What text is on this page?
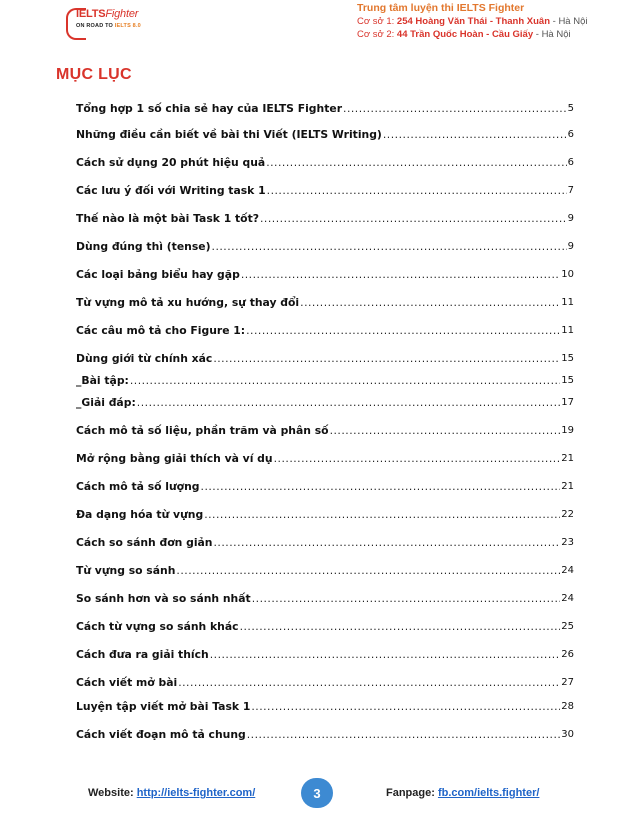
IELTSFighter
ON ROAD TO IELTS 8.0
Trung tâm luyện thi IELTS Fighter
Cơ sở 1: 254 Hoàng Văn Thái - Thanh Xuân - Hà Nội
Cơ sở 2: 44 Trần Quốc Hoàn - Cầu Giấy - Hà Nội
MỤC LỤC
Tổng hợp 1 số chia sẻ hay của IELTS Fighter .....	5
Những điều cần biết về bài thi Viết (IELTS Writing) .....	6
Cách sử dụng 20 phút hiệu quả .....	6
Các lưu ý đối với Writing task 1 .....	7
Thế nào là một bài Task 1 tốt? .....	9
Dùng đúng thì (tense) .....	9
Các loại bảng biểu hay gặp .....	10
Từ vựng mô tả xu hướng, sự thay đổi .....	11
Các câu mô tả cho Figure 1: .....	11
Dùng giới từ chính xác .....	15
_Bài tập: .....	15
_Giải đáp: .....	17
Cách mô tả số liệu, phần trăm và phân số .....	19
Mở rộng bằng giải thích và ví dụ .....	21
Cách mô tả số lượng .....	21
Đa dạng hóa từ vựng .....	22
Cách so sánh đơn giản .....	23
Từ vựng so sánh .....	24
So sánh hơn và so sánh nhất .....	24
Cách từ vựng so sánh khác .....	25
Cách đưa ra giải thích .....	26
Cách viết mở bài .....	27
Luyện tập viết mở bài Task 1 .....	28
Cách viết đoạn mô tả chung .....	30
Website: http://ielts-fighter.com/	3	Fanpage: fb.com/ielts.fighter/
